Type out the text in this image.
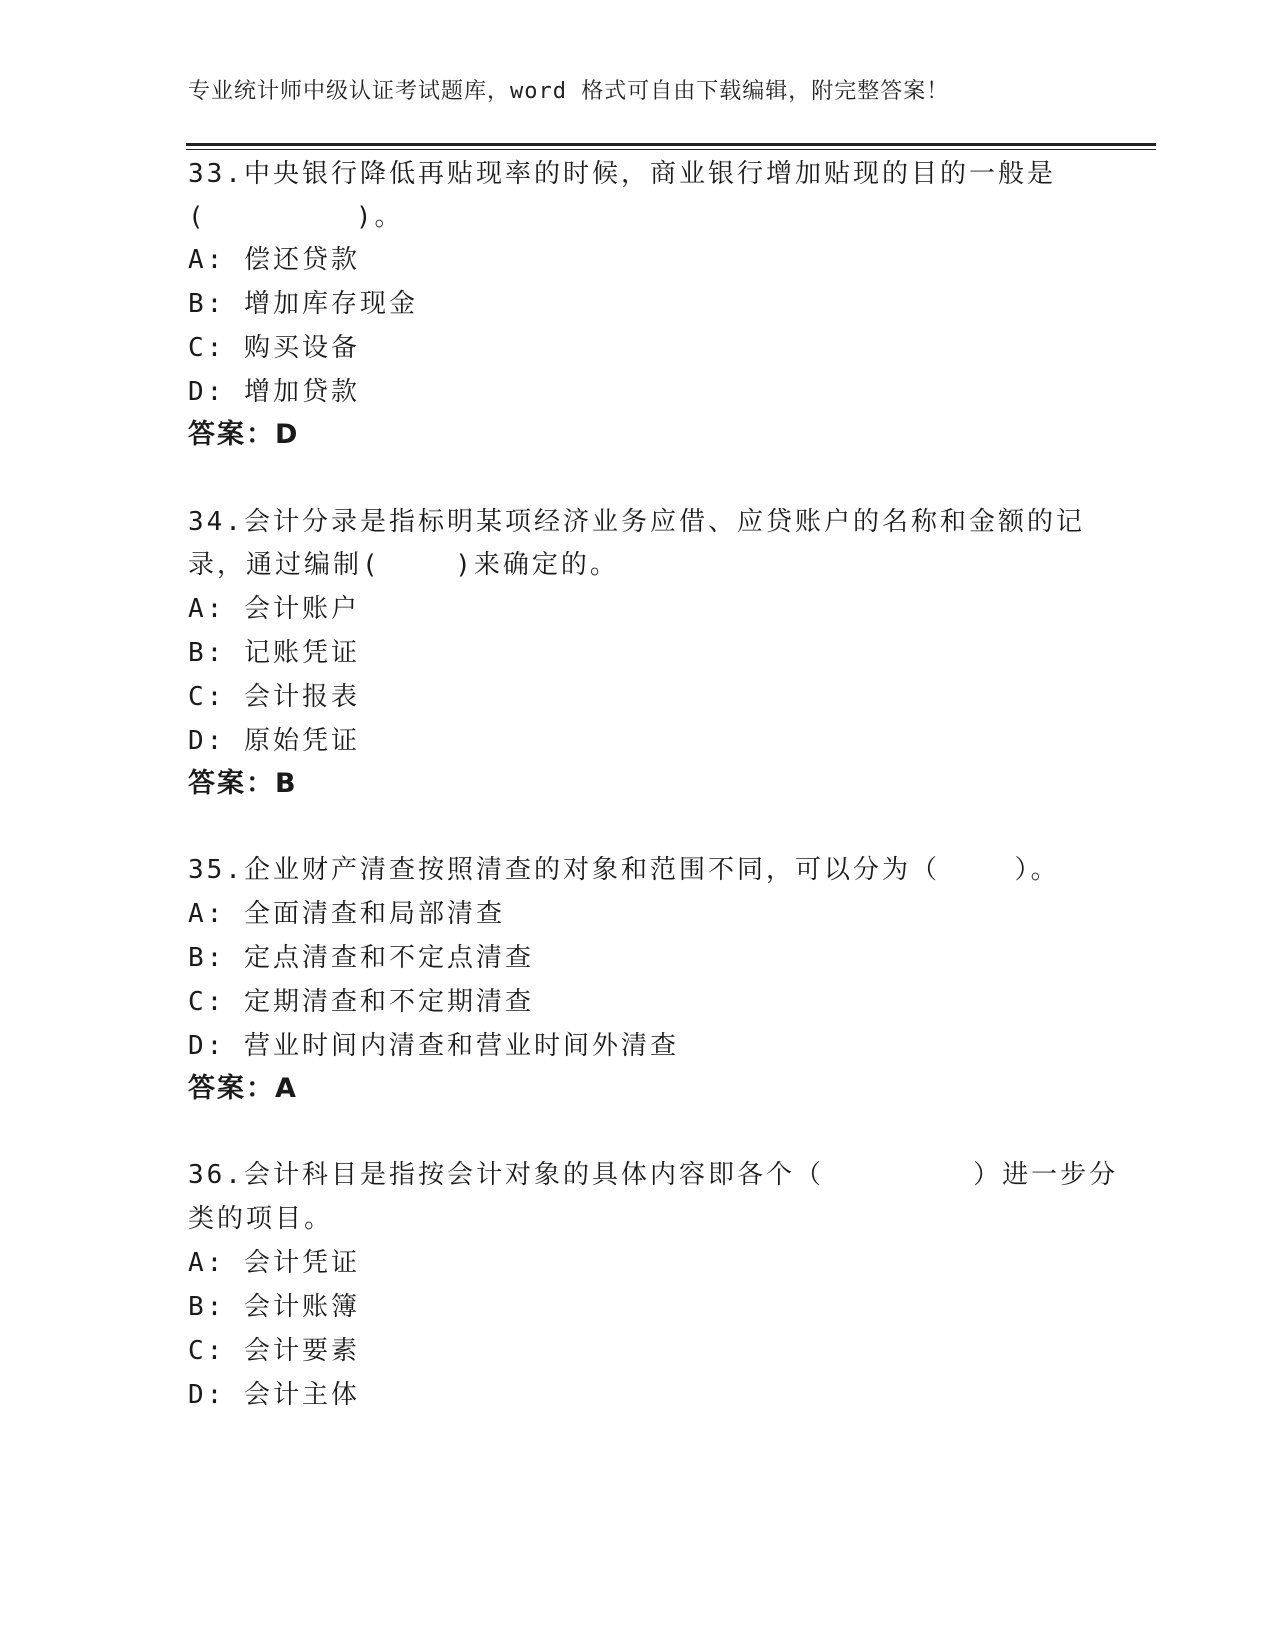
专业统计师中级认证考试题库，word 格式可自由下载编辑，附完整答案！
33.中央银行降低再贴现率的时候，商业银行增加贴现的目的一般是
(        )。
A: 偿还贷款
B: 增加库存现金
C: 购买设备
D: 增加贷款
答案：D
34.会计分录是指标明某项经济业务应借、应贷账户的名称和金额的记
录，通过编制(    )来确定的。
A: 会计账户
B: 记账凭证
C: 会计报表
D: 原始凭证
答案：B
35.企业财产清查按照清查的对象和范围不同，可以分为（    ）。
A: 全面清查和局部清查
B: 定点清查和不定点清查
C: 定期清查和不定期清查
D: 营业时间内清查和营业时间外清查
答案：A
36.会计科目是指按会计对象的具体内容即各个（        ）进一步分
类的项目。
A: 会计凭证
B: 会计账簿
C: 会计要素
D: 会计主体
